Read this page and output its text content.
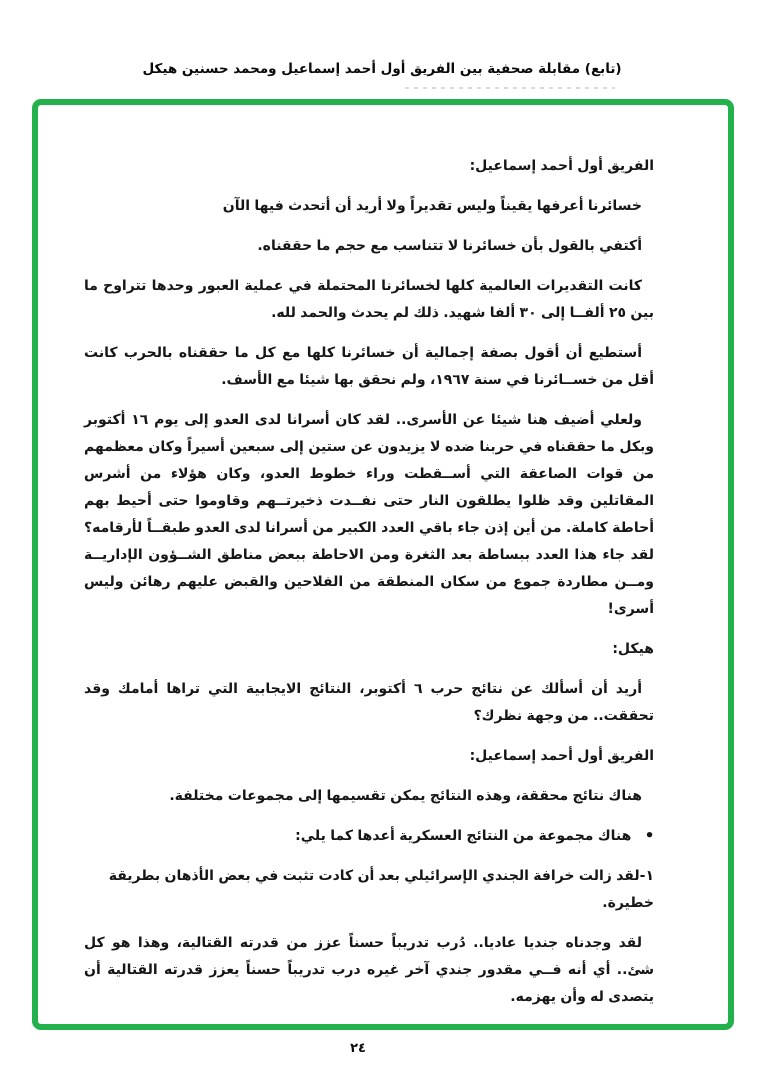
(تابع) مقابلة صحفية بين الفريق أول أحمد إسماعيل ومحمد حسنين هيكل

الفريق أول أحمد إسماعيل:

خسائرنا أعرفها يقيناً وليس تقديراً ولا أريد أن أتحدث فيها الآن

أكتفي بالقول بأن خسائرنا لا تتناسب مع حجم ما حققناه.

كانت التقديرات العالمية كلها لخسائرنا المحتملة في عملية العبور وحدها تتراوح ما بين ٢٥ ألفــا إلى ٣٠ ألفا شهيد. ذلك لم يحدث والحمد لله.

أستطيع أن أقول بصفة إجمالية أن خسائرنا كلها مع كل ما حققناه بالحرب كانت أقل من خســائرنا في سنة ١٩٦٧، ولم نحقق بها شيئا مع الأسف.

ولعلي أضيف هنا شيئا عن الأسرى.. لقد كان أسرانا لدى العدو إلى يوم ١٦ أكتوبر وبكل ما حققناه في حربنا ضده لا يزيدون عن ستين إلى سبعين أسيراً وكان معظمهم من قوات الصاعقة التي أســقطت وراء خطوط العدو، وكان هؤلاء من أشرس المقاتلين وقد ظلوا يطلقون النار حتى نفــدت ذخيرتــهم وقاوموا حتى أحيط بهم أحاطة كاملة. من أين إذن جاء باقي العدد الكبير من أسرانا لدى العدو طبقــاً لأرقامه؟ لقد جاء هذا العدد ببساطة بعد الثغرة ومن الاحاطة ببعض مناطق الشــؤون الإداريــة ومــن مطاردة جموع من سكان المنطقة من الفلاحين والقبض عليهم رهائن وليس أسرى!

هيكل:

أريد أن أسألك عن نتائج حرب ٦ أكتوبر، النتائج الايجابية التي تراها أمامك وقد تحققت.. من وجهة نظرك؟

الفريق أول أحمد إسماعيل:

هناك نتائج محققة، وهذه النتائج يمكن تقسيمها إلى مجموعات مختلفة.

•هناك مجموعة من النتائج العسكرية أعدها كما يلي:

١-لقد زالت خرافة الجندي الإسرائيلي بعد أن كادت تثبت في بعض الأذهان بطريقة خطيرة.

لقد وجدناه جنديا عاديا.. دُرب تدريباً حسناً عزز من قدرته القتالية، وهذا هو كل شئ.. أي أنه فــي مقدور جندي آخر غيره درب تدريباً حسناً يعزز قدرته القتالية أن يتصدى له وأن يهزمه.

٢٤
